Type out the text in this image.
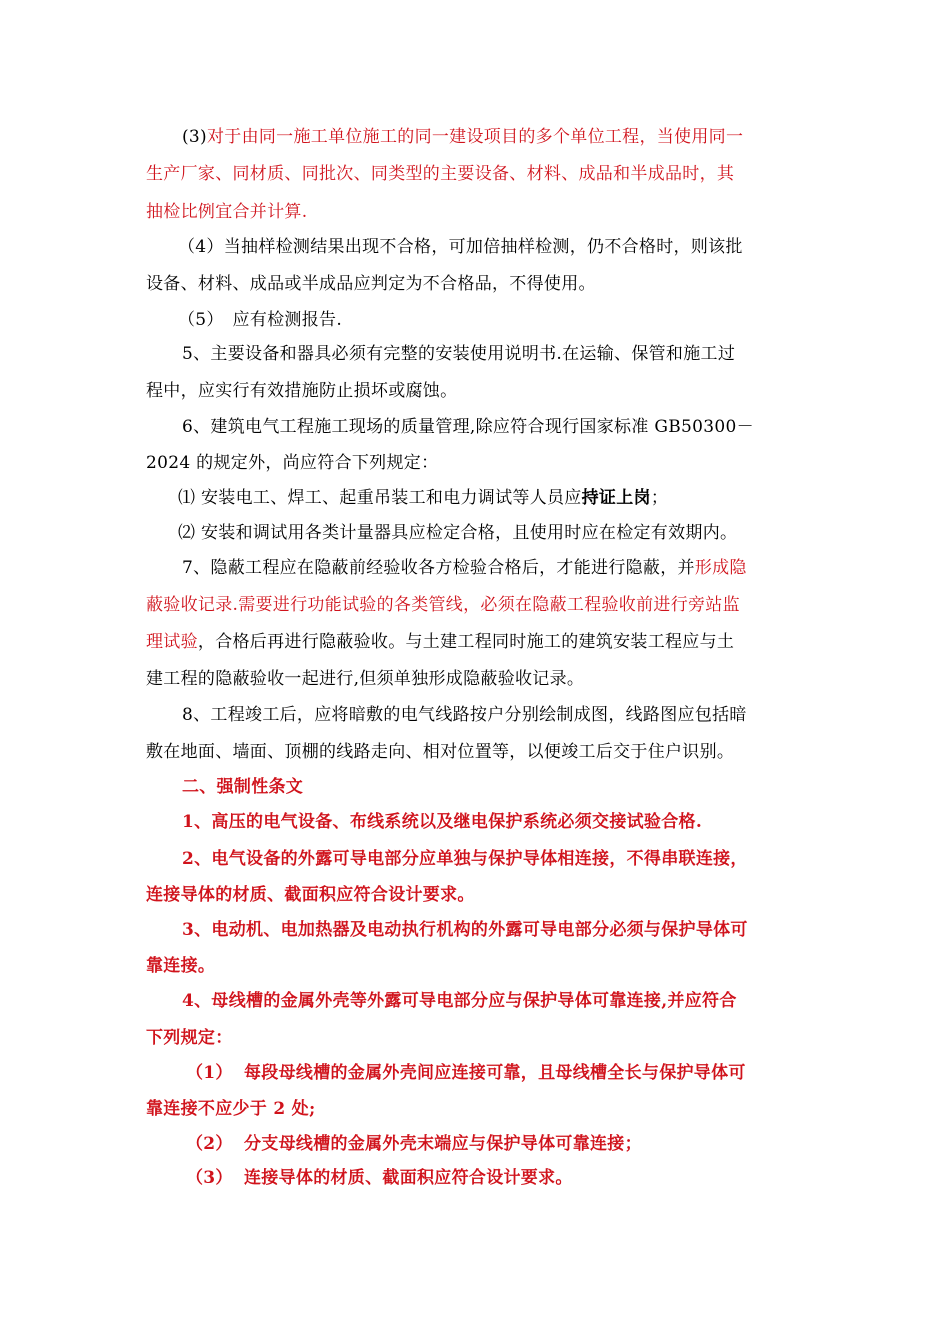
(3)对于由同一施工单位施工的同一建设项目的多个单位工程，当使用同一
生产厂家、同材质、同批次、同类型的主要设备、材料、成品和半成品时，其
抽检比例宜合并计算.
（4）当抽样检测结果出现不合格，可加倍抽样检测，仍不合格时，则该批
设备、材料、成品或半成品应判定为不合格品，不得使用。
（5）　应有检测报告.
5、主要设备和器具必须有完整的安装使用说明书.在运输、保管和施工过
程中，应实行有效措施防止损坏或腐蚀。
6、建筑电气工程施工现场的质量管理,除应符合现行国家标准 GB50300－
2024 的规定外，尚应符合下列规定：
⑴ 安装电工、焊工、起重吊装工和电力调试等人员应持证上岗；
⑵ 安装和调试用各类计量器具应检定合格，且使用时应在检定有效期内。
7、隐蔽工程应在隐蔽前经验收各方检验合格后，才能进行隐蔽，并形成隐
蔽验收记录.需要进行功能试验的各类管线，必须在隐蔽工程验收前进行旁站监
理试验，合格后再进行隐蔽验收。与土建工程同时施工的建筑安装工程应与土
建工程的隐蔽验收一起进行,但须单独形成隐蔽验收记录。
8、工程竣工后，应将暗敷的电气线路按户分别绘制成图，线路图应包括暗
敷在地面、墙面、顶棚的线路走向、相对位置等，以便竣工后交于住户识别。
二、强制性条文
1、高压的电气设备、布线系统以及继电保护系统必须交接试验合格.
2、电气设备的外露可导电部分应单独与保护导体相连接，不得串联连接，
连接导体的材质、截面积应符合设计要求。
3、电动机、电加热器及电动执行机构的外露可导电部分必须与保护导体可
靠连接。
4、母线槽的金属外壳等外露可导电部分应与保护导体可靠连接,并应符合
下列规定：
（1） 每段母线槽的金属外壳间应连接可靠，且母线槽全长与保护导体可
靠连接不应少于 2 处;
（2） 分支母线槽的金属外壳末端应与保护导体可靠连接；
（3） 连接导体的材质、截面积应符合设计要求。
